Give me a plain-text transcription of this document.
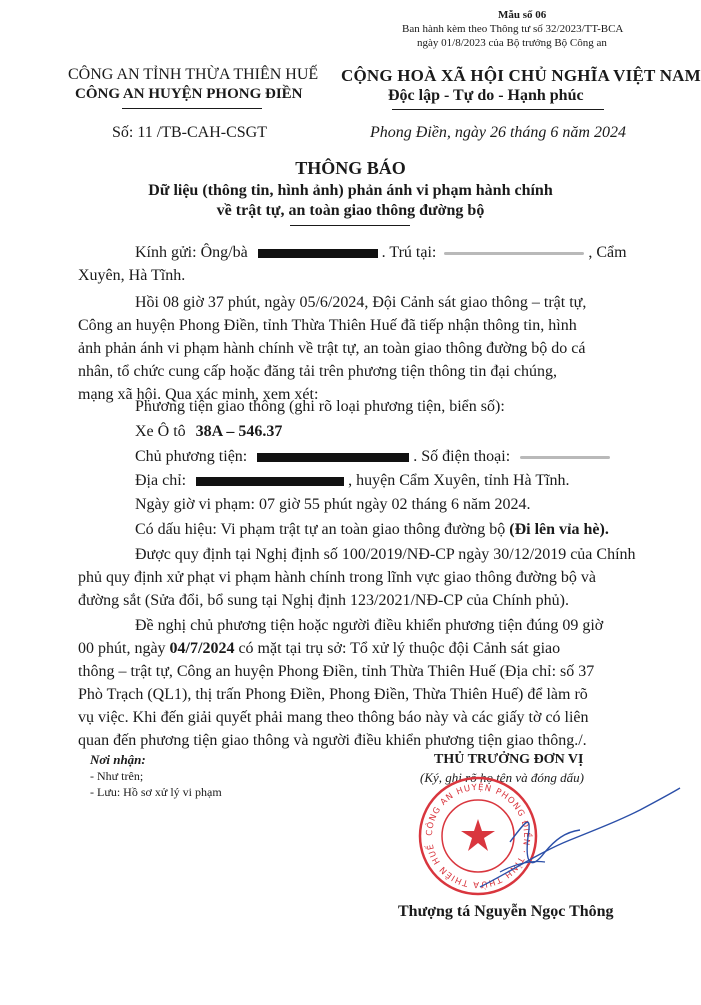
Mẫu số 06
Ban hành kèm theo Thông tư số 32/2023/TT-BCA
ngày 01/8/2023 của Bộ trưởng Bộ Công an
CÔNG AN TỈNH THỪA THIÊN HUẾ
CÔNG AN HUYỆN PHONG ĐIỀN
CỘNG HOÀ XÃ HỘI CHỦ NGHĨA VIỆT NAM
Độc lập - Tự do - Hạnh phúc
Số: 11 /TB-CAH-CSGT	Phong Điền, ngày 26 tháng 6 năm 2024
THÔNG BÁO
Dữ liệu (thông tin, hình ảnh) phản ánh vi phạm hành chính
về trật tự, an toàn giao thông đường bộ
Kính gửi: Ông/bà	. Trú tại:	, Cẩm
Xuyên, Hà Tĩnh.
Hồi 08 giờ 37 phút, ngày 05/6/2024, Đội Cảnh sát giao thông – trật tự,
Công an huyện Phong Điền, tỉnh Thừa Thiên Huế đã tiếp nhận thông tin, hình
ảnh phản ánh vi phạm hành chính về trật tự, an toàn giao thông đường bộ do cá
nhân, tổ chức cung cấp hoặc đăng tải trên phương tiện thông tin đại chúng,
mạng xã hội. Qua xác minh, xem xét:
Phương tiện giao thông (ghi rõ loại phương tiện, biển số):
Xe Ô tô 38A – 546.37
Chủ phương tiện:	. Số điện thoại:
Địa chỉ:	, huyện Cẩm Xuyên, tỉnh Hà Tĩnh.
Ngày giờ vi phạm: 07 giờ 55 phút ngày 02 tháng 6 năm 2024.
Có dấu hiệu: Vi phạm trật tự an toàn giao thông đường bộ (Đi lên vỉa hè).
Được quy định tại Nghị định số 100/2019/NĐ-CP ngày 30/12/2019 của Chính
phủ quy định xử phạt vi phạm hành chính trong lĩnh vực giao thông đường bộ và
đường sắt (Sửa đổi, bổ sung tại Nghị định 123/2021/NĐ-CP của Chính phủ).
Đề nghị chủ phương tiện hoặc người điều khiển phương tiện đúng 09 giờ
00 phút, ngày 04/7/2024 có mặt tại trụ sở: Tổ xử lý thuộc đội Cảnh sát giao
thông – trật tự, Công an huyện Phong Điền, tỉnh Thừa Thiên Huế (Địa chỉ: số 37
Phò Trạch (QL1), thị trấn Phong Điền, Phong Điền, Thừa Thiên Huế) để làm rõ
vụ việc. Khi đến giải quyết phải mang theo thông báo này và các giấy tờ có liên
quan đến phương tiện giao thông và người điều khiển phương tiện giao thông./.
Nơi nhận:
- Như trên;
- Lưu: Hồ sơ xử lý vi phạm
THỦ TRƯỞNG ĐƠN VỊ
(Ký, ghi rõ họ tên và đóng dấu)
CÔNG AN HUYỆN PHONG ĐIỀN · TỈNH THỪA THIÊN HUẾ
Thượng tá Nguyễn Ngọc Thông
